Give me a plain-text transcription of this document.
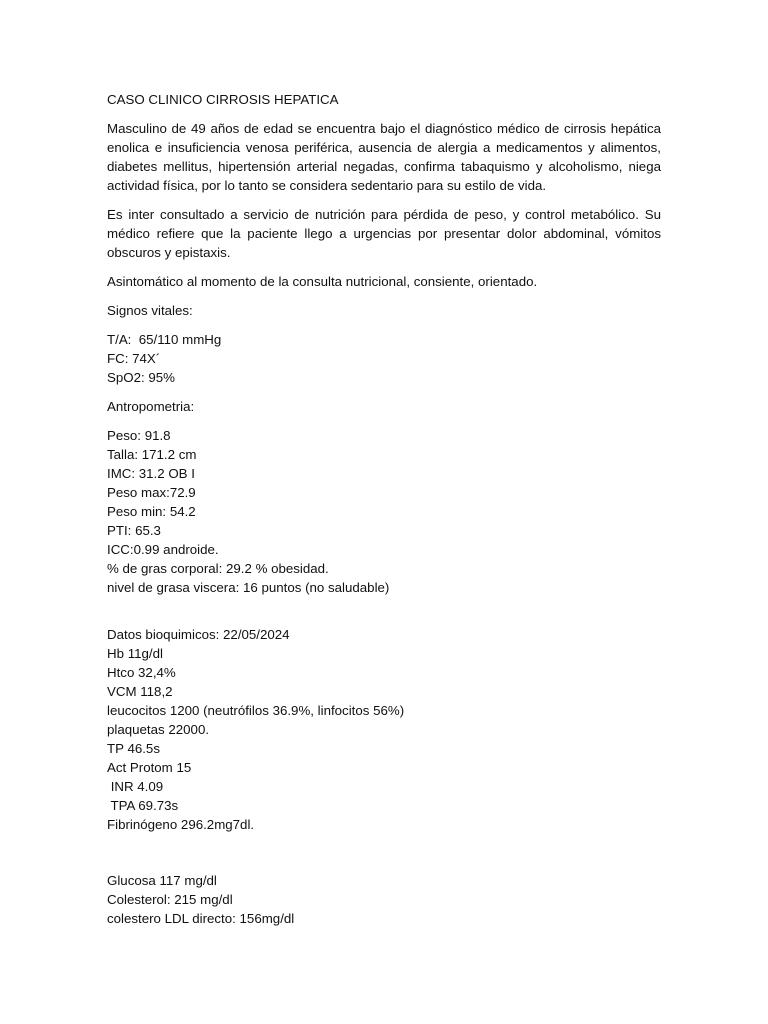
CASO CLINICO CIRROSIS HEPATICA

Masculino de 49 años de edad se encuentra bajo el diagnóstico médico de cirrosis hepática enolica e insuficiencia venosa periférica, ausencia de alergia a medicamentos y alimentos, diabetes mellitus, hipertensión arterial negadas, confirma tabaquismo y alcoholismo, niega actividad física, por lo tanto se considera sedentario para su estilo de vida.

Es inter consultado a servicio de nutrición para pérdida de peso, y control metabólico. Su médico refiere que la paciente llego a urgencias por presentar dolor abdominal, vómitos obscuros y epistaxis.

Asintomático al momento de la consulta nutricional, consiente, orientado.

Signos vitales:
T/A:  65/110 mmHg
FC: 74X´
SpO2: 95%
Antropometria:
Peso: 91.8
Talla: 171.2 cm
IMC: 31.2 OB I
Peso max:72.9
Peso min: 54.2
PTI: 65.3
ICC:0.99 androide.
% de gras corporal: 29.2 % obesidad.
nivel de grasa viscera: 16 puntos (no saludable)
Datos bioquimicos: 22/05/2024
Hb 11g/dl
Htco 32,4%
VCM 118,2
leucocitos 1200 (neutrófilos 36.9%, linfocitos 56%)
plaquetas 22000.
TP 46.5s
Act Protom 15
INR 4.09
TPA 69.73s
Fibrinógeno 296.2mg7dl.
Glucosa 117 mg/dl
Colesterol: 215 mg/dl
colestero LDL directo: 156mg/dl
